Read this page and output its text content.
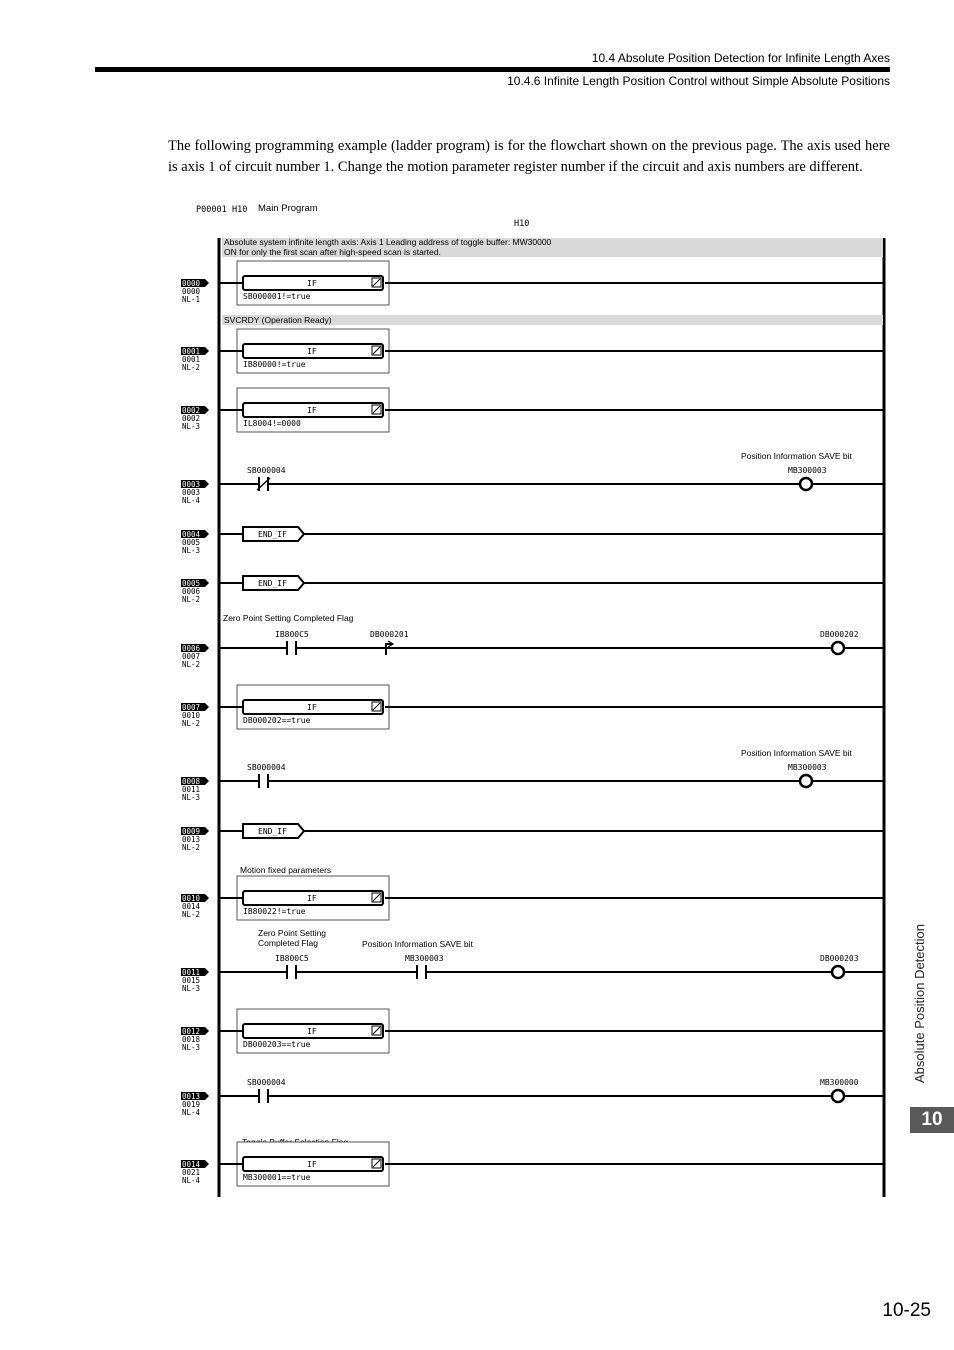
10.4 Absolute Position Detection for Infinite Length Axes
10.4.6 Infinite Length Position Control without Simple Absolute Positions

The following programming example (ladder program) is for the flowchart shown on the previous page. The axis used here is axis 1 of circuit number 1. Change the motion parameter register number if the circuit and axis numbers are different.

P00001 H10
H10
Main Program
Absolute system infinite length axis: Axis 1 Leading address of toggle buffer: MW30000
ON for only the first scan after high-speed scan is started.
SVCRDY (Operation Ready)
Position Information SAVE bit
Zero Point Setting Completed Flag
Position Information SAVE bit
Motion fixed parameters
Zero Point Setting
Completed Flag	Position Information SAVE bit
0000
0000
NL-1
IF
SB000001!=true
0001
0001
NL-2
IF
IB80000!=true
0002
0002
NL-3
IF
IL8004!=0000
0003
0003
NL-4
SB000004	MB300003
0004
0005
NL-3
END_IF
0005
0006
NL-2
END_IF
0006
0007
NL-2
IB800C5	DB000201	DB000202
0007
0010
NL-2
IF
DB000202==true
0008
0011
NL-3
SB000004	MB300003
0009
0013
NL-2
END_IF
0010
0014
NL-2
IF
IB80022!=true
0011
0015
NL-3
IB800C5	MB300003	DB000203
0012
0018
NL-3
IF
DB000203==true
0013
0019
NL-4
SB000004	MB300000
0014
0021
NL-4
IF
MB300001==true
Absolute Position Detection
10
10-25
